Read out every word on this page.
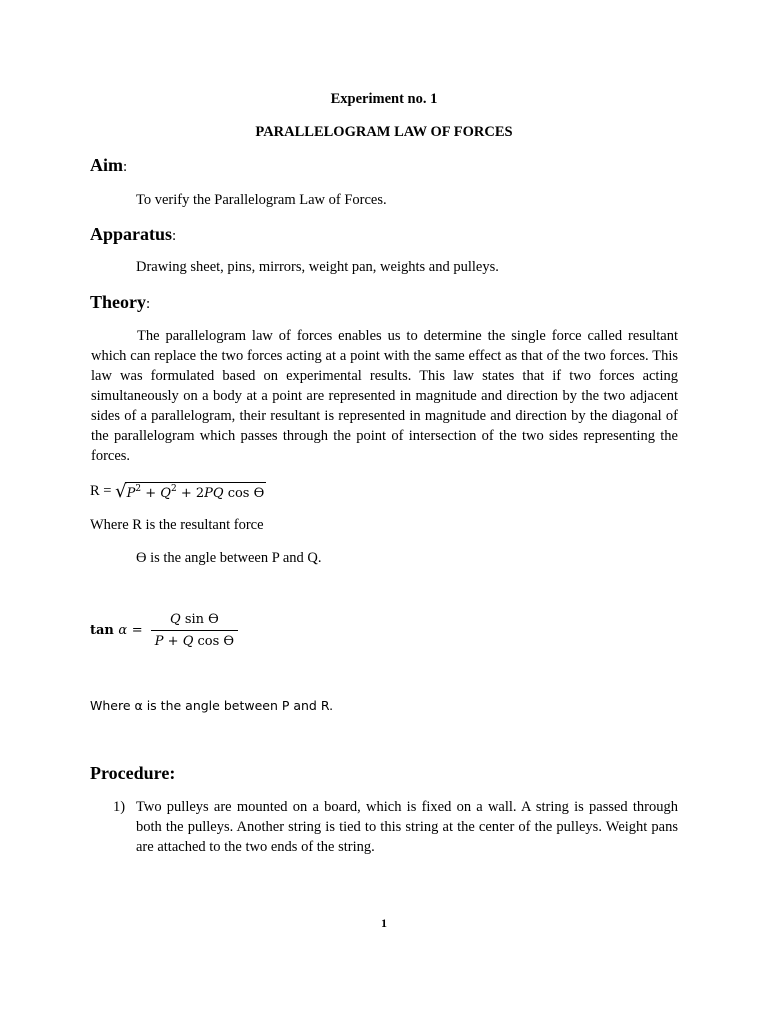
Experiment no. 1
PARALLELOGRAM LAW OF FORCES
Aim:
To verify the Parallelogram Law of Forces.
Apparatus:
Drawing sheet, pins, mirrors, weight pan, weights and pulleys.
Theory:
The parallelogram law of forces enables us to determine the single force called resultant which can replace the two forces acting at a point with the same effect as that of the two forces. This law was formulated based on experimental results. This law states that if two forces acting simultaneously on a body at a point are represented in magnitude and direction by the two adjacent sides of a parallelogram, their resultant is represented in magnitude and direction by the diagonal of the parallelogram which passes through the point of intersection of the two sides representing the forces.
$R = √P^2 + Q^2 + 2PQ$ cos ϴ
Where R is the resultant force
ϴ is the angle between P and Q.
$\tan \alpha = \frac{\text{Q sin ϴ}}{\text{P + Q cos ϴ}}$
Where α is the angle between P and R.
Procedure:
1) Two pulleys are mounted on a board, which is fixed on a wall. A string is passed through both the pulleys. Another string is tied to this string at the center of the pulleys. Weight pans are attached to the two ends of the string.
1
